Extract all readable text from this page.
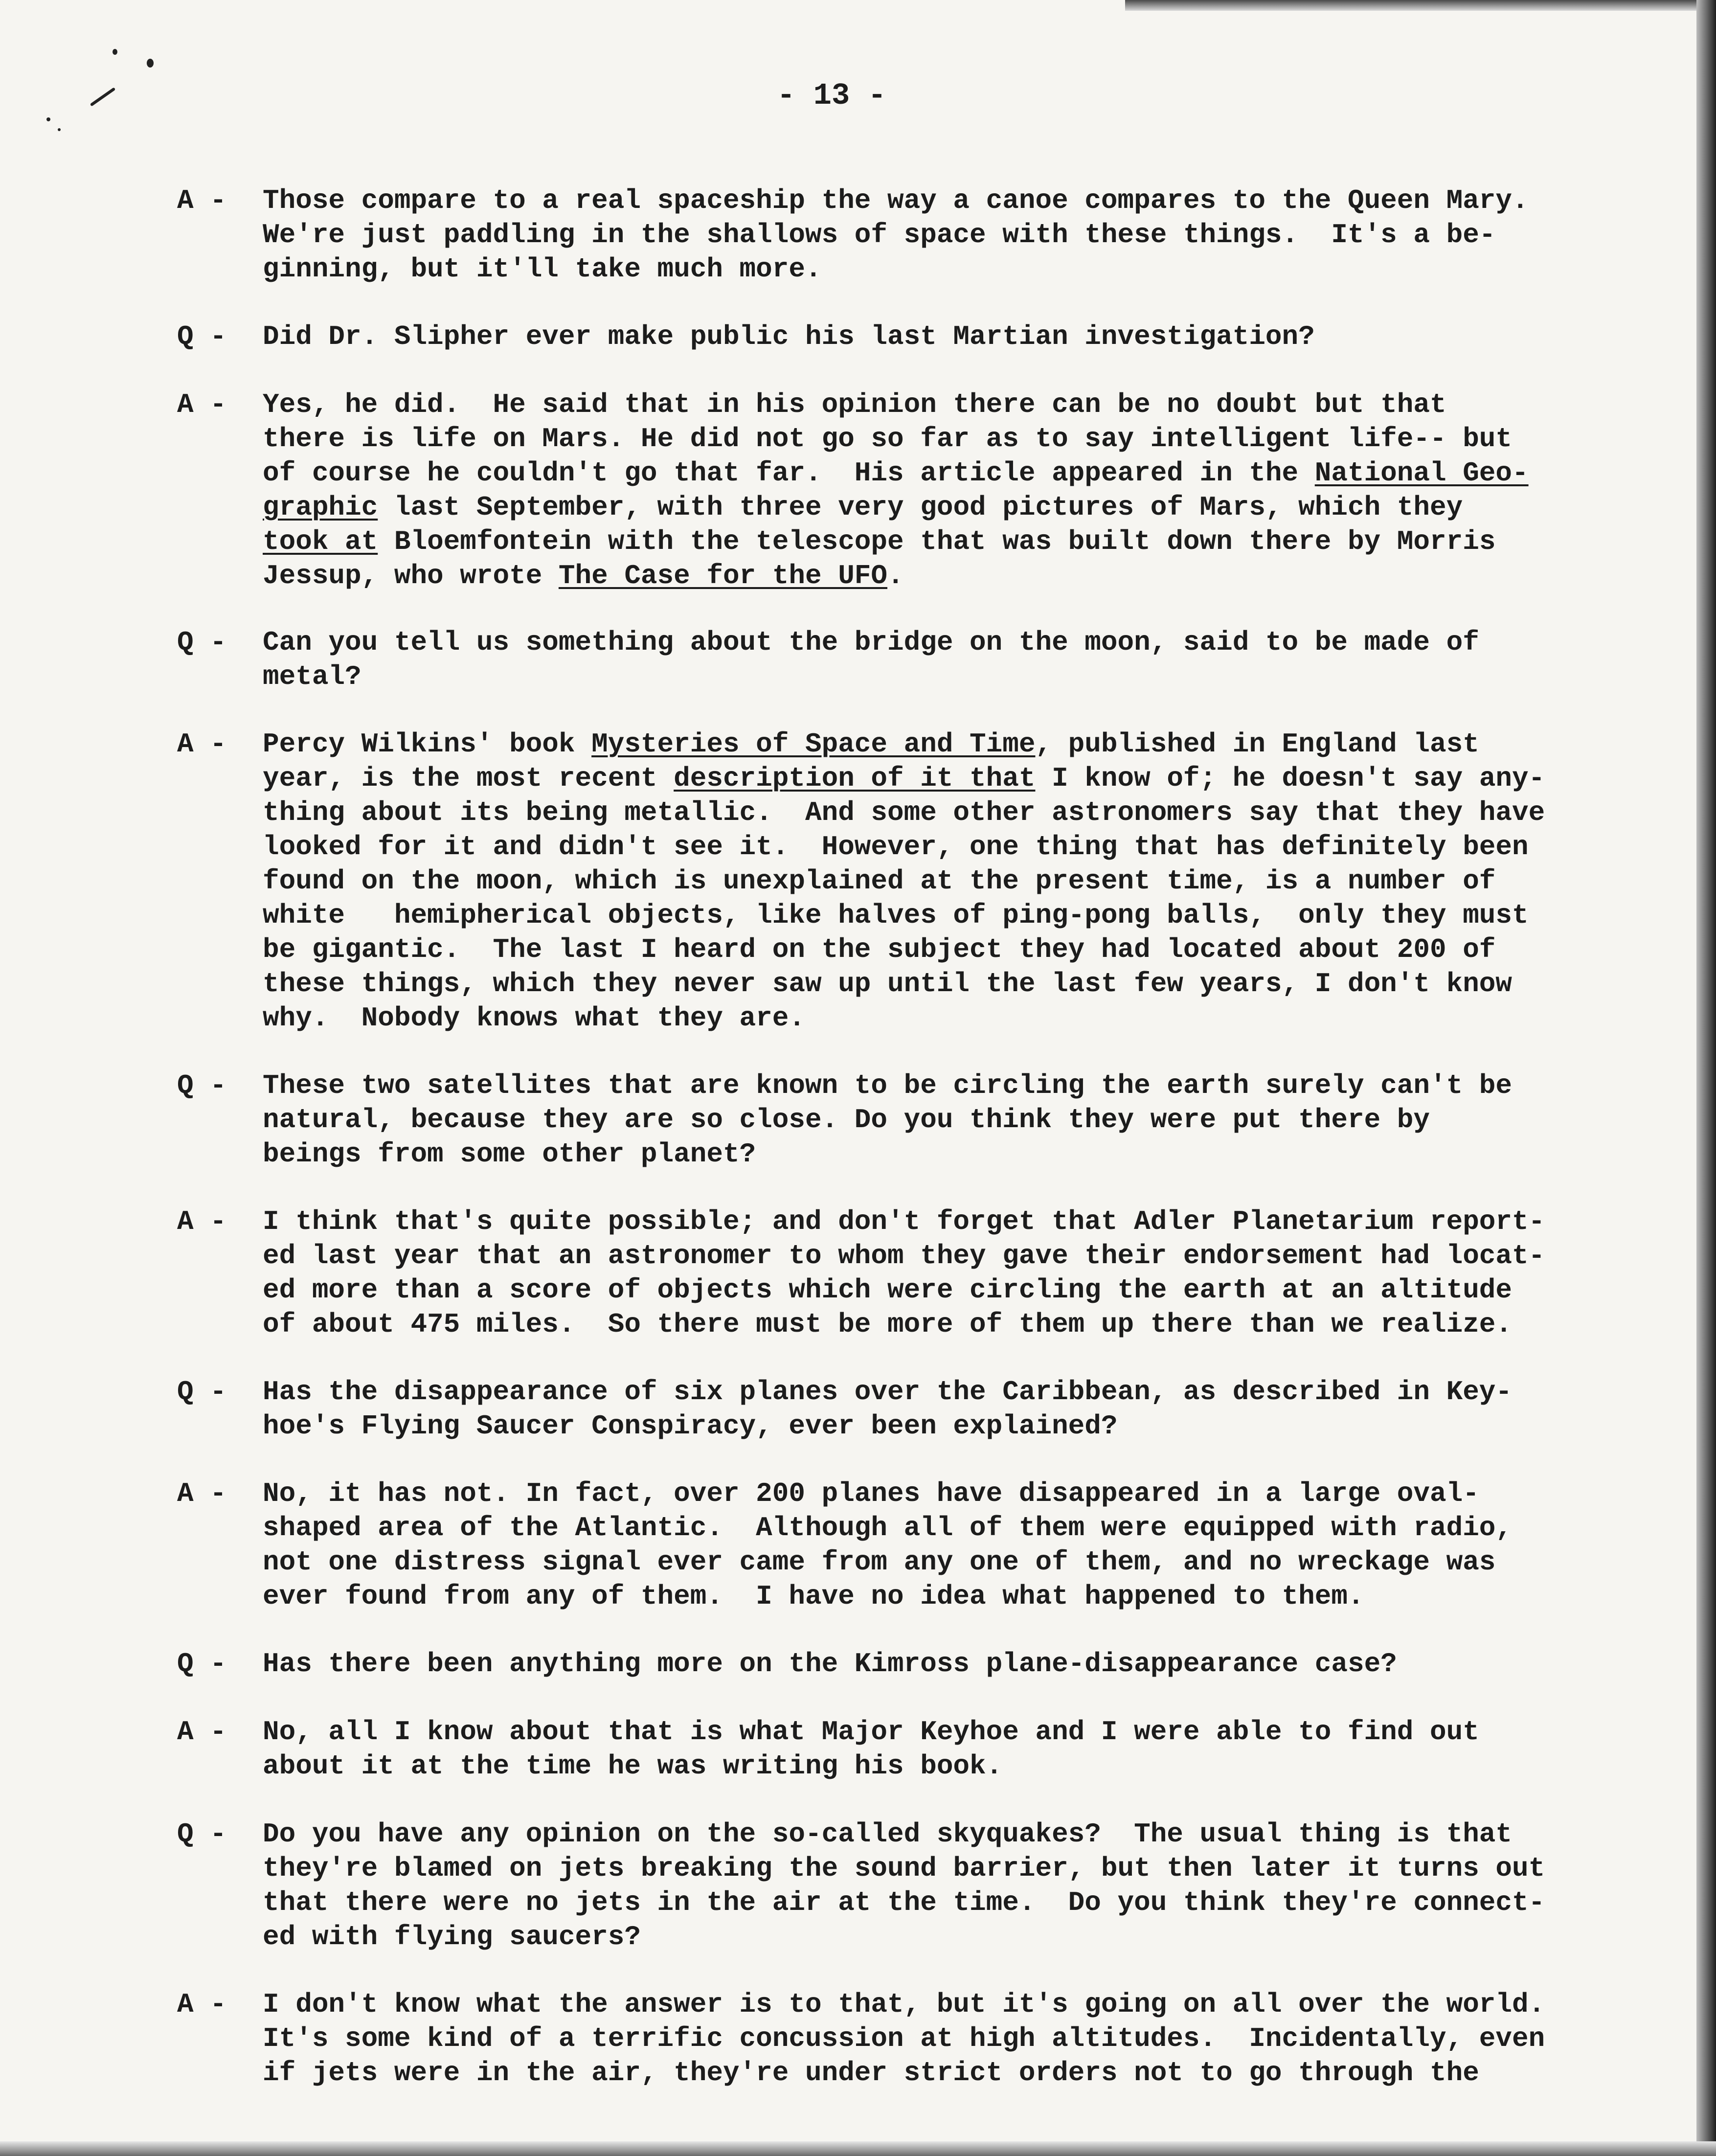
- 13 -
A -	Those compare to a real spaceship the way a canoe compares to the Queen Mary.
We're just paddling in the shallows of space with these things.  It's a be-
ginning, but it'll take much more.
Q -	Did Dr. Slipher ever make public his last Martian investigation?
A -	Yes, he did.  He said that in his opinion there can be no doubt but that
there is life on Mars. He did not go so far as to say intelligent life-- but
of course he couldn't go that far.  His article appeared in the National Geo-
graphic last September, with three very good pictures of Mars, which they
took at Bloemfontein with the telescope that was built down there by Morris
Jessup, who wrote The Case for the UFO.
Q -	Can you tell us something about the bridge on the moon, said to be made of
metal?
A -	Percy Wilkins' book Mysteries of Space and Time, published in England last
year, is the most recent description of it that I know of; he doesn't say any-
thing about its being metallic.  And some other astronomers say that they have
looked for it and didn't see it.  However, one thing that has definitely been
found on the moon, which is unexplained at the present time, is a number of
white   hemipherical objects, like halves of ping-pong balls,  only they must
be gigantic.  The last I heard on the subject they had located about 200 of
these things, which they never saw up until the last few years, I don't know
why.  Nobody knows what they are.
Q -	These two satellites that are known to be circling the earth surely can't be
natural, because they are so close. Do you think they were put there by
beings from some other planet?
A -	I think that's quite possible; and don't forget that Adler Planetarium report-
ed last year that an astronomer to whom they gave their endorsement had locat-
ed more than a score of objects which were circling the earth at an altitude
of about 475 miles.  So there must be more of them up there than we realize.
Q -	Has the disappearance of six planes over the Caribbean, as described in Key-
hoe's Flying Saucer Conspiracy, ever been explained?
A -	No, it has not. In fact, over 200 planes have disappeared in a large oval-
shaped area of the Atlantic.  Although all of them were equipped with radio,
not one distress signal ever came from any one of them, and no wreckage was
ever found from any of them.  I have no idea what happened to them.
Q -	Has there been anything more on the Kimross plane-disappearance case?
A -	No, all I know about that is what Major Keyhoe and I were able to find out
about it at the time he was writing his book.
Q -	Do you have any opinion on the so-called skyquakes?  The usual thing is that
they're blamed on jets breaking the sound barrier, but then later it turns out
that there were no jets in the air at the time.  Do you think they're connect-
ed with flying saucers?
A -	I don't know what the answer is to that, but it's going on all over the world.
It's some kind of a terrific concussion at high altitudes.  Incidentally, even
if jets were in the air, they're under strict orders not to go through the
